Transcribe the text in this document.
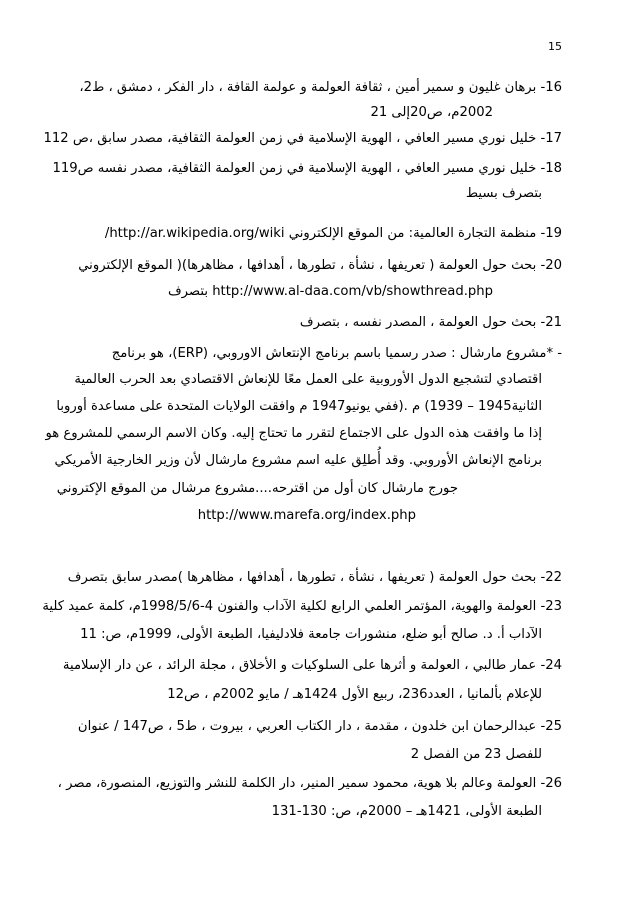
15
16- برهان غليون و سمير أمين ، ثقافة العولمة و عولمة القافة ، دار الفكر ، دمشق ، ط2،
2002م، ص20إلى 21
17- خليل نوري مسير العافي ، الهوية الإسلامية في زمن العولمة الثقافية، مصدر سابق ،ص 112
18- خليل نوري مسير العافي ، الهوية الإسلامية في زمن العولمة الثقافية، مصدر نفسه ص119
بتصرف بسيط
19- منظمة التجارة العالمية: من الموقع الإلكتروني http://ar.wikipedia.org/wiki/
20- بحث حول العولمة ( تعريفها ، نشأة ، تطورها ، أهدافها ، مظاهرها)( الموقع الإلكتروني
http://www.al-daa.com/vb/showthread.php بتصرف
21- بحث حول العولمة ، المصدر نفسه ، بتصرف
- *مشروع مارشال : صدر رسميا باسم برنامج الإنتعاش الاوروبي، (ERP)، هو برنامج
اقتصادي لتشجيع الدول الأوروبية على العمل معًا للإنعاش الاقتصادي بعد الحرب العالمية
الثانية1945 – 1939) م .(ففي يونيو1947 م وافقت الولايات المتحدة على مساعدة أوروبا
إذا ما وافقت هذه الدول على الاجتماع لتقرر ما تحتاج إليه. وكان الاسم الرسمي للمشروع هو
برنامج الإنعاش الأوروبي. وقد أُطلِق عليه اسم مشروع مارشال لأن وزير الخارجية الأمريكي
جورج مارشال كان أول من اقترحه....مشروع مرشال من الموقع الإكتروني
http://www.marefa.org/index.php
22- بحث حول العولمة ( تعريفها ، نشأة ، تطورها ، أهدافها ، مظاهرها )مصدر سابق بتصرف
23- العولمة والهوية، المؤتمر العلمي الرابع لكلية الآداب والفنون 4-1998/5/6م، كلمة عميد كلية
الآداب أ. د. صالح أبو ضلع، منشورات جامعة فلادليفيا، الطبعة الأولى، 1999م، ص: 11
24- عمار طالبي ، العولمة و أثرها على السلوكيات و الأخلاق ، مجلة الرائد ، عن دار الإسلامية
للإعلام بألمانيا ، العدد236، ربيع الأول 1424هـ / مايو 2002م ، ص12
25- عبدالرحمان ابن خلدون ، مقدمة ، دار الكتاب العربي ، بيروت ، ط5 ، ص147 / عنوان
للفصل 23 من الفصل 2
26- العولمة وعالم بلا هوية، محمود سمير المنير، دار الكلمة للنشر والتوزيع، المنصورة، مصر ،
الطبعة الأولى، 1421هـ – 2000م، ص: 130-131
